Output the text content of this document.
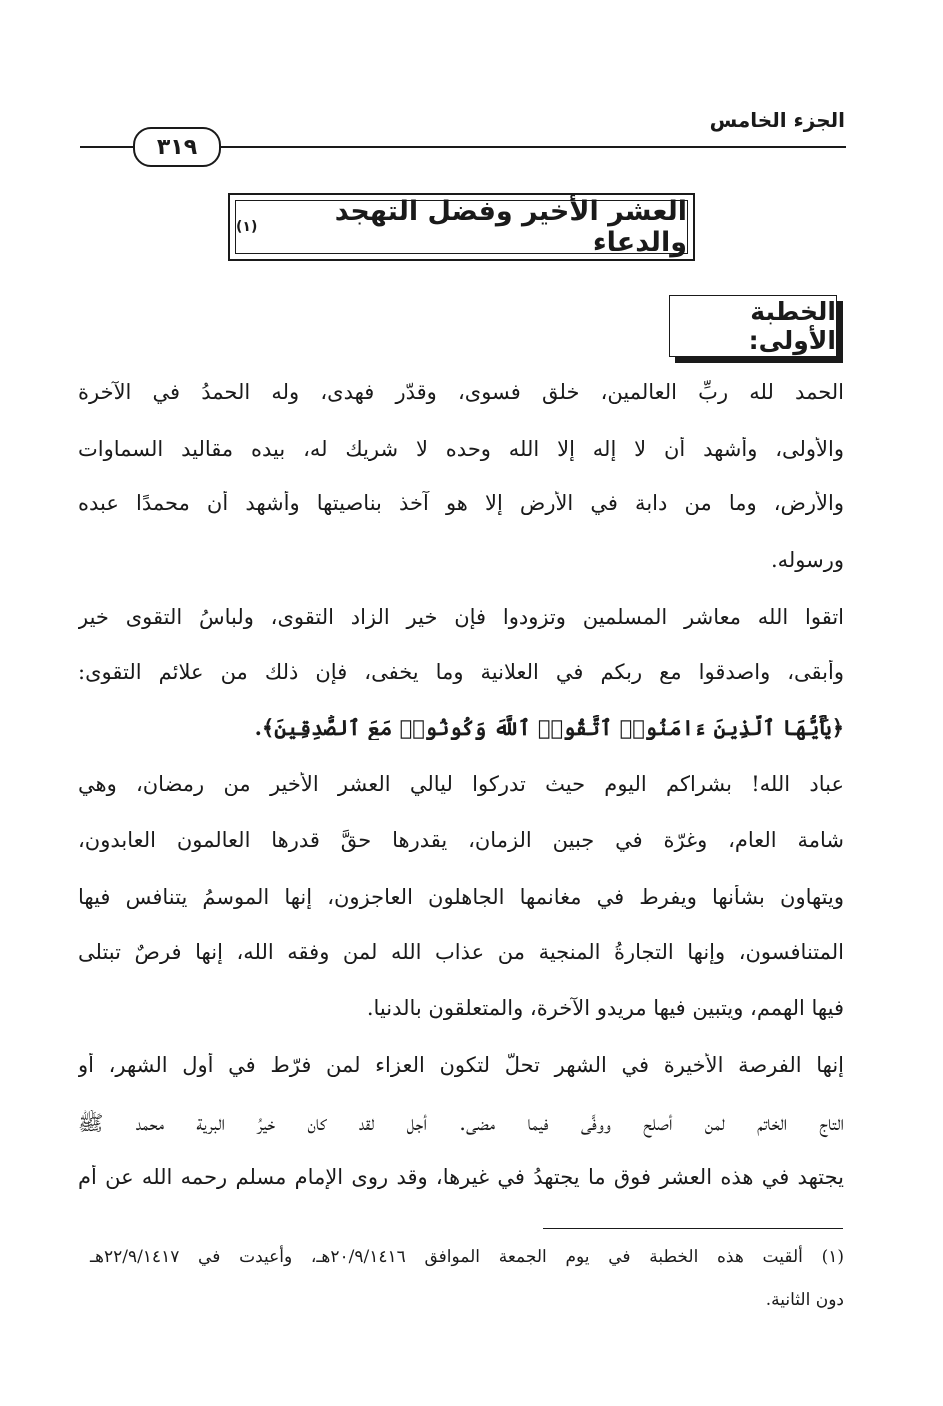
الجزء الخامس
٣١٩
العشر الأخير وفضل التهجد والدعاء
(١)
الخطبة الأولى:
الحمد لله ربِّ العالمين، خلق فسوى، وقدّر فهدى، وله الحمدُ في الآخرة
والأولى، وأشهد أن لا إله إلا الله وحده لا شريك له، بيده مقاليد السماوات
والأرض، وما من دابة في الأرض إلا هو آخذ بناصيتها وأشهد أن محمدًا عبده
ورسوله.
اتقوا الله معاشر المسلمين وتزودوا فإن خير الزاد التقوى، ولباسُ التقوى خير
وأبقى، واصدقوا مع ربكم في العلانية وما يخفى، فإن ذلك من علائم التقوى:
﴿يَٰٓأَيُّهَا ٱلَّذِينَ ءَامَنُوا۟ ٱتَّقُوا۟ ٱللَّهَ وَكُونُوا۟ مَعَ ٱلصَّٰدِقِينَ﴾.
عباد الله! بشراكم اليوم حيث تدركوا ليالي العشر الأخير من رمضان، وهي
شامة العام، وغرّة في جبين الزمان، يقدرها حقَّ قدرها العالمون العابدون،
ويتهاون بشأنها ويفرط في مغانمها الجاهلون العاجزون، إنها الموسمُ يتنافس فيها
المتنافسون، وإنها التجارةُ المنجية من عذاب الله لمن وفقه الله، إنها فرصٌ تبتلى
فيها الهمم، ويتبين فيها مريدو الآخرة، والمتعلقون بالدنيا.
إنها الفرصة الأخيرة في الشهر تحلُّ لتكون العزاء لمن فرّط في أول الشهر، أو
التاج الخاتم لمن أصلح ووفَّى فيما مضى. أجل لقد كان خيرُ البرية محمد ﷺ
يجتهد في هذه العشر فوق ما يجتهدُ في غيرها، وقد روى الإمام مسلم رحمه الله عن أم
(١) ألقيت هذه الخطبة في يوم الجمعة الموافق ٢٠/٩/١٤١٦هـ، وأعيدت في ٢٢/٩/١٤١٧هـ
دون الثانية.
